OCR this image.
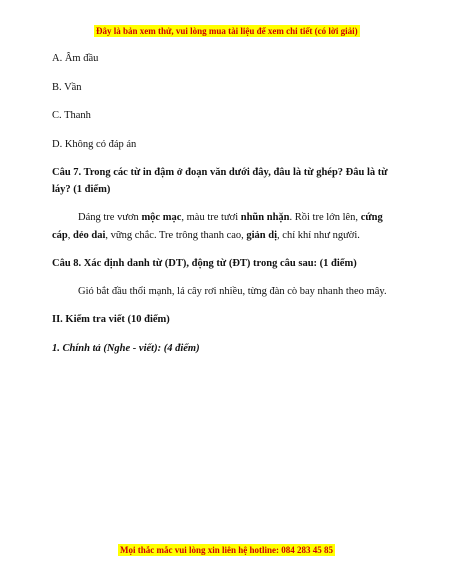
Đây là bản xem thử, vui lòng mua tài liệu để xem chi tiết (có lời giải)
A. Âm đầu
B. Vần
C. Thanh
D. Không có đáp án
Câu 7. Trong các từ in đậm ở đoạn văn dưới đây, đâu là từ ghép? Đâu là từ
láy? (1 điểm)
Dáng tre vươn mộc mạc, màu tre tươi nhũn nhặn. Rồi tre lớn lên, cứng
cáp, dẻo dai, vững chắc. Tre trông thanh cao, giản dị, chí khí như người.
Câu 8. Xác định danh từ (DT), động từ (ĐT) trong câu sau: (1 điểm)
Gió bắt đầu thổi mạnh, lá cây rơi nhiều, từng đàn cò bay nhanh theo mây.
II. Kiểm tra viết (10 điểm)
1. Chính tả (Nghe - viết): (4 điểm)
Mọi thắc mắc vui lòng xin liên hệ hotline: 084 283 45 85
